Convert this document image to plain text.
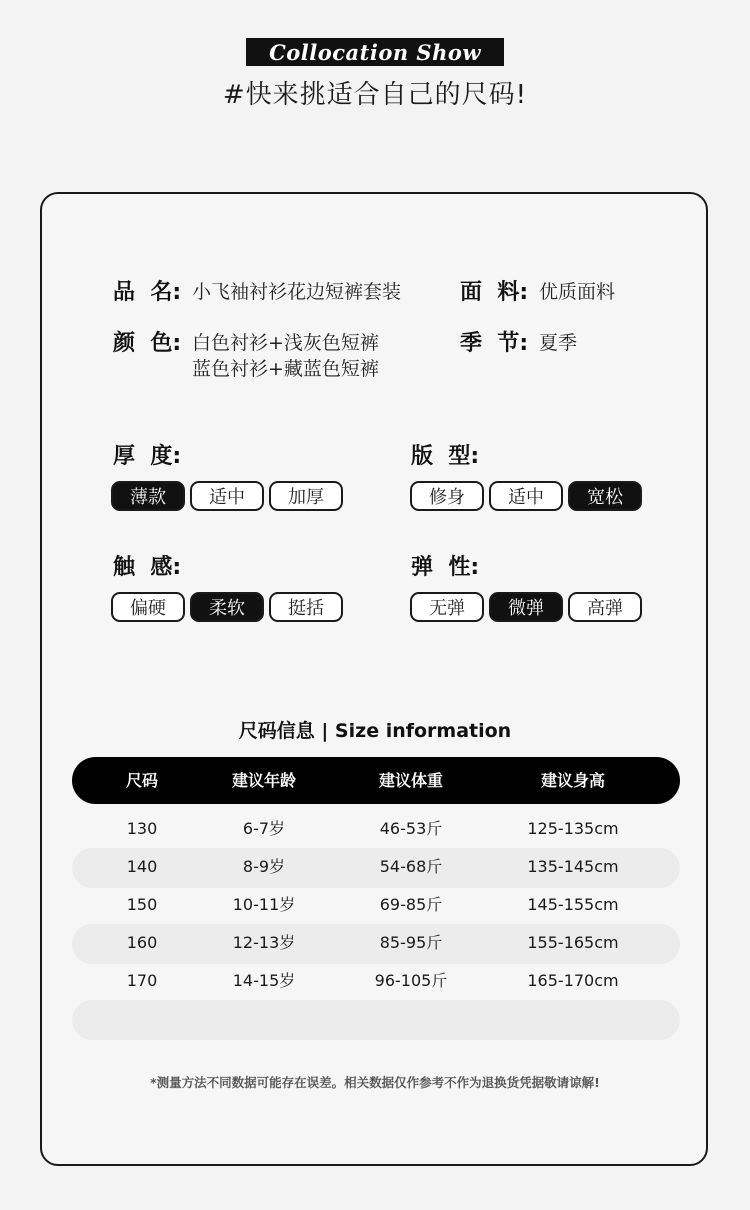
Collocation Show
#快来挑适合自己的尺码!
品  名: 小飞袖衬衫花边短裤套装	面  料: 优质面料
颜  色: 白色衬衫+浅灰色短裤
蓝色衬衫+藏蓝色短裤
季  节: 夏季
厚  度:
薄款	适中	加厚
版  型:
修身	适中	宽松
触  感:
偏硬	柔软	挺括
弹  性:
无弹	微弹	高弹
尺码信息 | Size information
尺码	建议年龄	建议体重	建议身高
130	6-7岁	46-53斤	125-135cm
140	8-9岁	54-68斤	135-145cm
150	10-11岁	69-85斤	145-155cm
160	12-13岁	85-95斤	155-165cm
170	14-15岁	96-105斤	165-170cm
*测量方法不同数据可能存在误差。相关数据仅作参考不作为退换货凭据敬请谅解!
